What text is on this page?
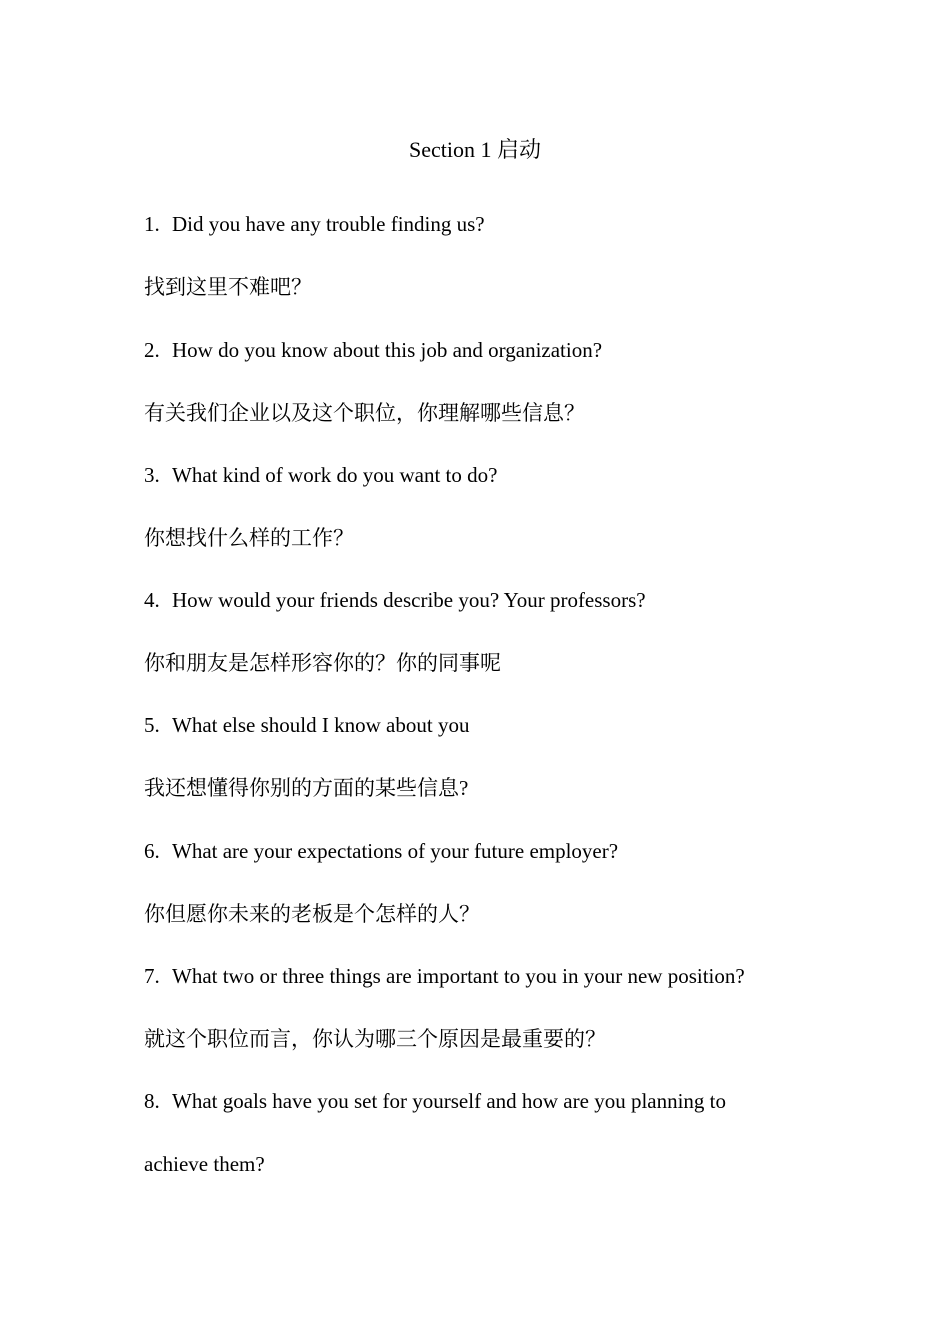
Section 1 启动
1. Did you have any trouble finding us?
找到这里不难吧？
2. How do you know about this job and organization?
有关我们企业以及这个职位，你理解哪些信息？
3. What kind of work do you want to do?
你想找什么样的工作？
4. How would your friends describe you? Your professors?
你和朋友是怎样形容你的？你的同事呢
5. What else should I know about you
我还想懂得你别的方面的某些信息?
6. What are your expectations of your future employer?
你但愿你未来的老板是个怎样的人？
7. What two or three things are important to you in your new position?
就这个职位而言，你认为哪三个原因是最重要的？
8. What goals have you set for yourself and how are you planning to
achieve them?
